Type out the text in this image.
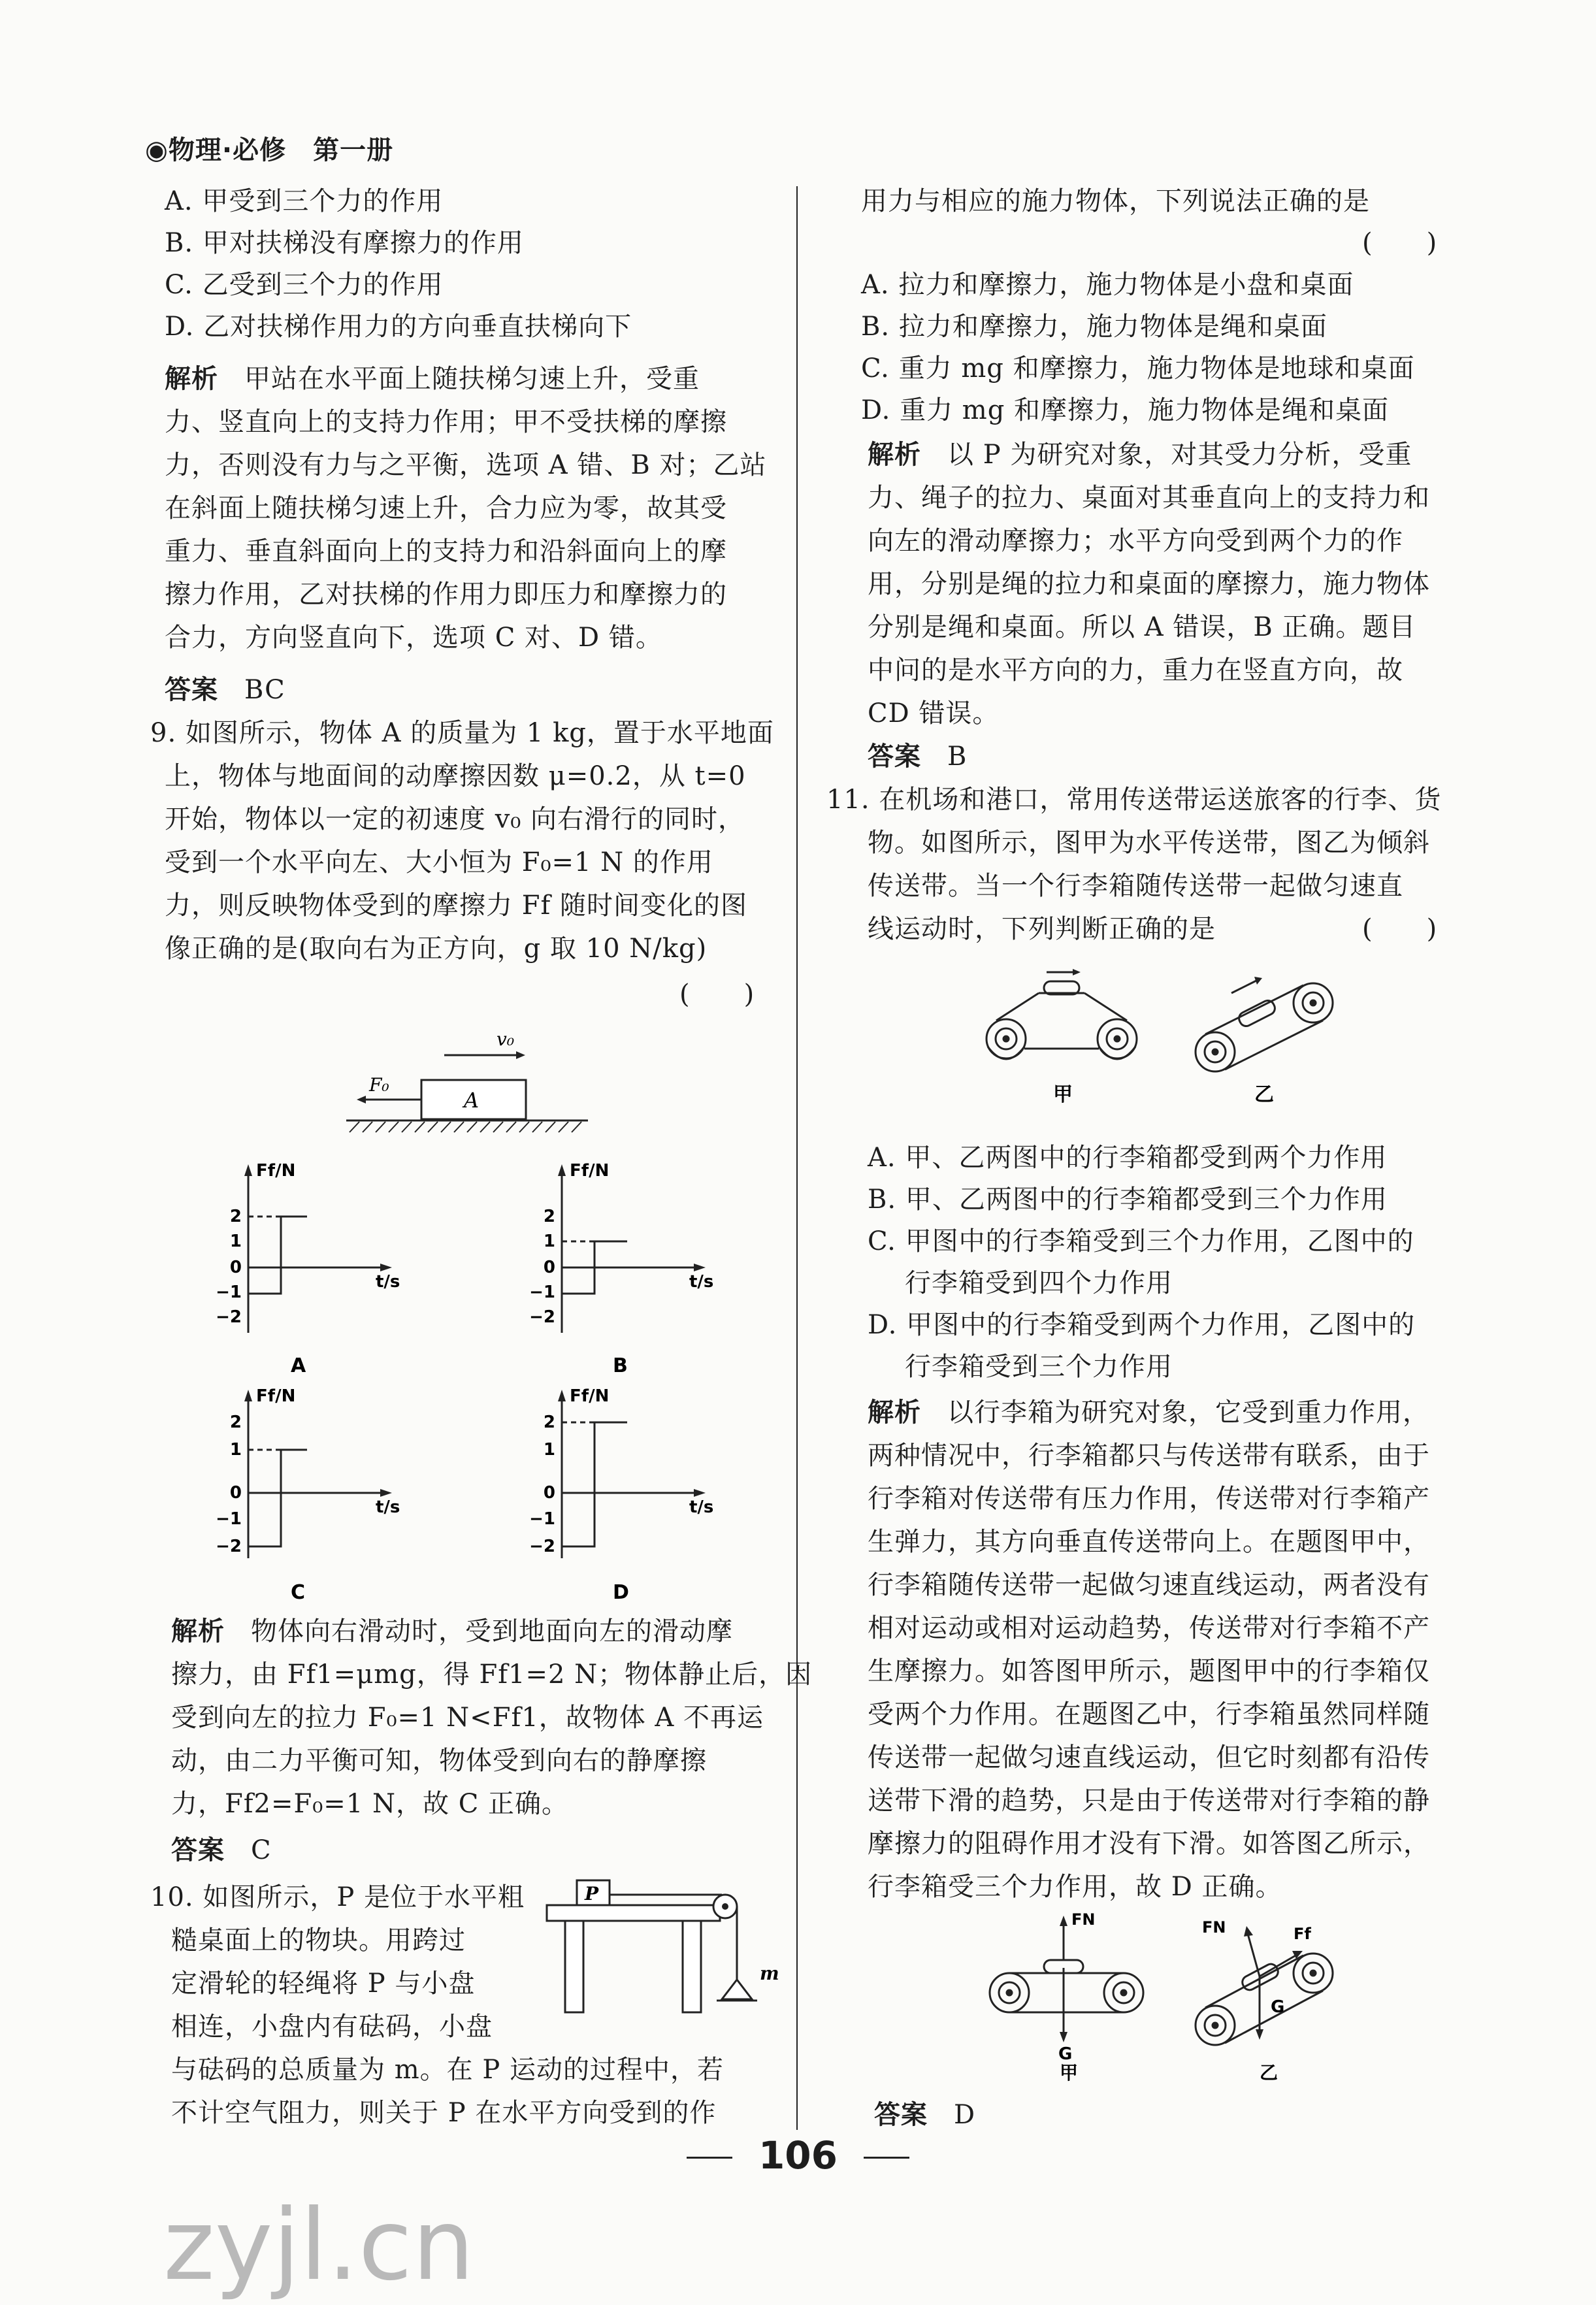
◉物理·必修　第一册
A. 甲受到三个力的作用
B. 甲对扶梯没有摩擦力的作用
C. 乙受到三个力的作用
D. 乙对扶梯作用力的方向垂直扶梯向下
解析 甲站在水平面上随扶梯匀速上升，受重
力、竖直向上的支持力作用；甲不受扶梯的摩擦
力，否则没有力与之平衡，选项 A 错、B 对；乙站
在斜面上随扶梯匀速上升，合力应为零，故其受
重力、垂直斜面向上的支持力和沿斜面向上的摩
擦力作用，乙对扶梯的作用力即压力和摩擦力的
合力，方向竖直向下，选项 C 对、D 错。
答案 BC
9. 如图所示，物体 A 的质量为 1 kg，置于水平地面
上，物体与地面间的动摩擦因数 μ=0.2，从 t=0
开始，物体以一定的初速度 v₀ 向右滑行的同时，
受到一个水平向左、大小恒为 F₀=1 N 的作用
力，则反映物体受到的摩擦力 Ff 随时间变化的图
像正确的是(取向右为正方向，g 取 10 N/kg)
(　　)
v₀
A
F₀
Ff/N
t/s
2
1
0
−1
−2
A
Ff/N
t/s
2
1
0
−1
−2
B
Ff/N
t/s
2
1
0
−1
−2
C
Ff/N
t/s
2
1
0
−1
−2
D
解析 物体向右滑动时，受到地面向左的滑动摩
擦力，由 Ff1=μmg，得 Ff1=2 N；物体静止后，因
受到向左的拉力 F₀=1 N<Ff1，故物体 A 不再运
动，由二力平衡可知，物体受到向右的静摩擦
力，Ff2=F₀=1 N，故 C 正确。
答案 C
10. 如图所示，P 是位于水平粗
糙桌面上的物块。用跨过
定滑轮的轻绳将 P 与小盘
相连，小盘内有砝码，小盘
与砝码的总质量为 m。在 P 运动的过程中，若
不计空气阻力，则关于 P 在水平方向受到的作
P
m
用力与相应的施力物体，下列说法正确的是
(　　)
A. 拉力和摩擦力，施力物体是小盘和桌面
B. 拉力和摩擦力，施力物体是绳和桌面
C. 重力 mg 和摩擦力，施力物体是地球和桌面
D. 重力 mg 和摩擦力，施力物体是绳和桌面
解析 以 P 为研究对象，对其受力分析，受重
力、绳子的拉力、桌面对其垂直向上的支持力和
向左的滑动摩擦力；水平方向受到两个力的作
用，分别是绳的拉力和桌面的摩擦力，施力物体
分别是绳和桌面。所以 A 错误，B 正确。题目
中问的是水平方向的力，重力在竖直方向，故
CD 错误。
答案 B
11. 在机场和港口，常用传送带运送旅客的行李、货
物。如图所示，图甲为水平传送带，图乙为倾斜
传送带。当一个行李箱随传送带一起做匀速直
线运动时，下列判断正确的是	(　　)
甲	乙
A. 甲、乙两图中的行李箱都受到两个力作用
B. 甲、乙两图中的行李箱都受到三个力作用
C. 甲图中的行李箱受到三个力作用，乙图中的
行李箱受到四个力作用
D. 甲图中的行李箱受到两个力作用，乙图中的
行李箱受到三个力作用
解析 以行李箱为研究对象，它受到重力作用，
两种情况中，行李箱都只与传送带有联系，由于
行李箱对传送带有压力作用，传送带对行李箱产
生弹力，其方向垂直传送带向上。在题图甲中，
行李箱随传送带一起做匀速直线运动，两者没有
相对运动或相对运动趋势，传送带对行李箱不产
生摩擦力。如答图甲所示，题图甲中的行李箱仅
受两个力作用。在题图乙中，行李箱虽然同样随
传送带一起做匀速直线运动，但它时刻都有沿传
送带下滑的趋势，只是由于传送带对行李箱的静
摩擦力的阻碍作用才没有下滑。如答图乙所示，
行李箱受三个力作用，故 D 正确。
FN
G
甲
FN	Ff
G
乙
答案 D
106
zyjl.cn
